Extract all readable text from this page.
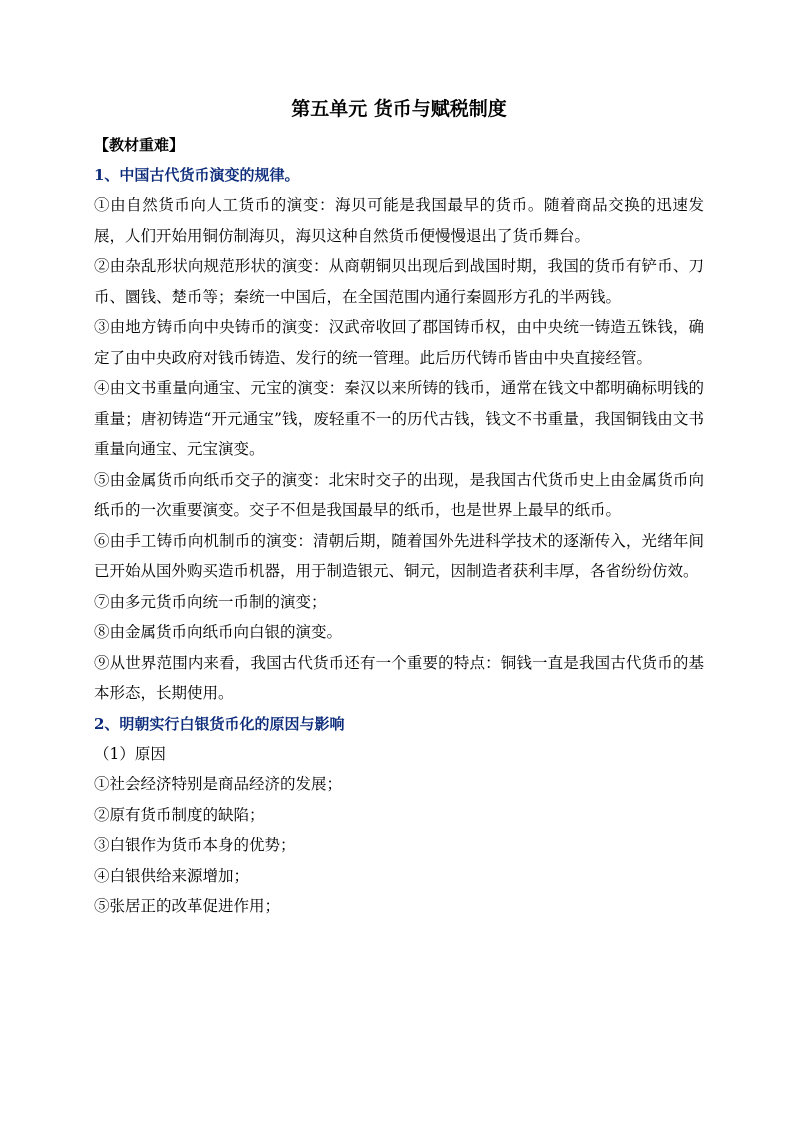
第五单元 货币与赋税制度
【教材重难】
1、中国古代货币演变的规律。
①由自然货币向人工货币的演变：海贝可能是我国最早的货币。随着商品交换的迅速发展，人们开始用铜仿制海贝，海贝这种自然货币便慢慢退出了货币舞台。
②由杂乱形状向规范形状的演变：从商朝铜贝出现后到战国时期，我国的货币有铲币、刀币、圜钱、楚币等；秦统一中国后，在全国范围内通行秦圆形方孔的半两钱。
③由地方铸币向中央铸币的演变：汉武帝收回了郡国铸币权，由中央统一铸造五铢钱，确定了由中央政府对钱币铸造、发行的统一管理。此后历代铸币皆由中央直接经管。
④由文书重量向通宝、元宝的演变：秦汉以来所铸的钱币，通常在钱文中都明确标明钱的重量；唐初铸造“开元通宝”钱，废轻重不一的历代古钱，钱文不书重量，我国铜钱由文书重量向通宝、元宝演变。
⑤由金属货币向纸币交子的演变：北宋时交子的出现，是我国古代货币史上由金属货币向纸币的一次重要演变。交子不但是我国最早的纸币，也是世界上最早的纸币。
⑥由手工铸币向机制币的演变：清朝后期，随着国外先进科学技术的逐渐传入，光绪年间已开始从国外购买造币机器，用于制造银元、铜元，因制造者获利丰厚，各省纷纷仿效。
⑦由多元货币向统一币制的演变；
⑧由金属货币向纸币向白银的演变。
⑨从世界范围内来看，我国古代货币还有一个重要的特点：铜钱一直是我国古代货币的基本形态，长期使用。
2、明朝实行白银货币化的原因与影响
（1）原因
①社会经济特别是商品经济的发展；
②原有货币制度的缺陷；
③白银作为货币本身的优势；
④白银供给来源增加；
⑤张居正的改革促进作用；
